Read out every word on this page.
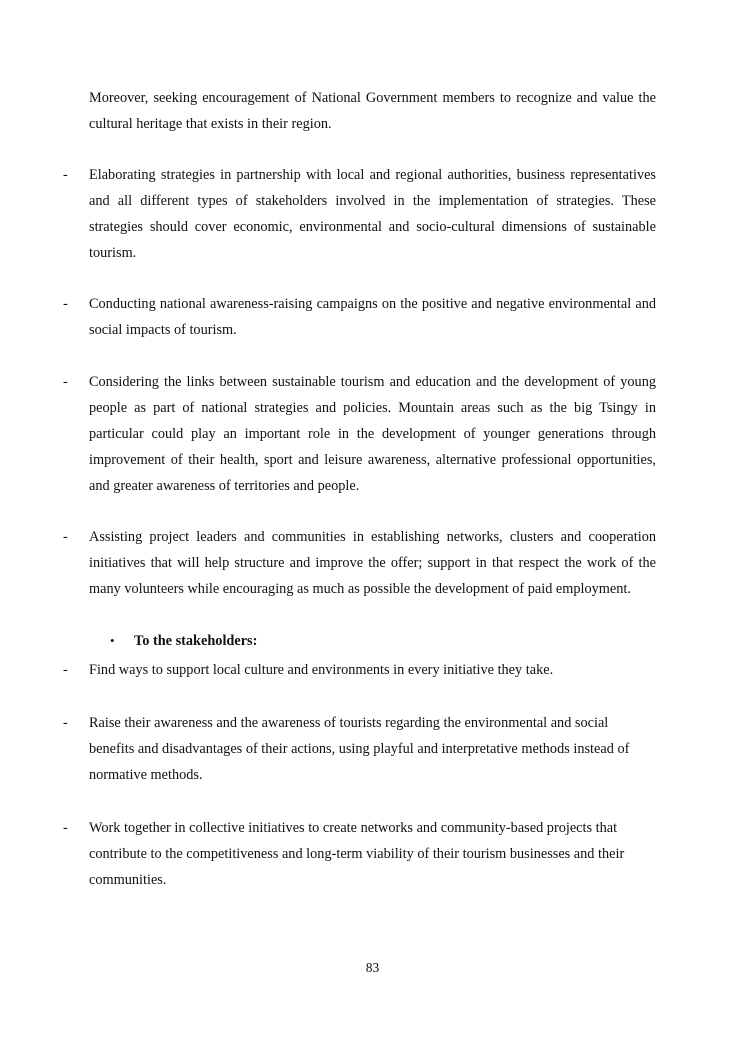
Moreover, seeking encouragement of National Government members to recognize and value the cultural heritage that exists in their region.

- Elaborating strategies in partnership with local and regional authorities, business representatives and all different types of stakeholders involved in the implementation of strategies. These strategies should cover economic, environmental and socio-cultural dimensions of sustainable tourism.

- Conducting national awareness-raising campaigns on the positive and negative environmental and social impacts of tourism.

- Considering the links between sustainable tourism and education and the development of young people as part of national strategies and policies. Mountain areas such as the big Tsingy in particular could play an important role in the development of younger generations through improvement of their health, sport and leisure awareness, alternative professional opportunities, and greater awareness of territories and people.

- Assisting project leaders and communities in establishing networks, clusters and cooperation initiatives that will help structure and improve the offer; support in that respect the work of the many volunteers while encouraging as much as possible the development of paid employment.

• To the stakeholders:
- Find ways to support local culture and environments in every initiative they take.

- Raise their awareness and the awareness of tourists regarding the environmental and social benefits and disadvantages of their actions, using playful and interpretative methods instead of normative methods.

- Work together in collective initiatives to create networks and community-based projects that contribute to the competitiveness and long-term viability of their tourism businesses and their communities.

83
